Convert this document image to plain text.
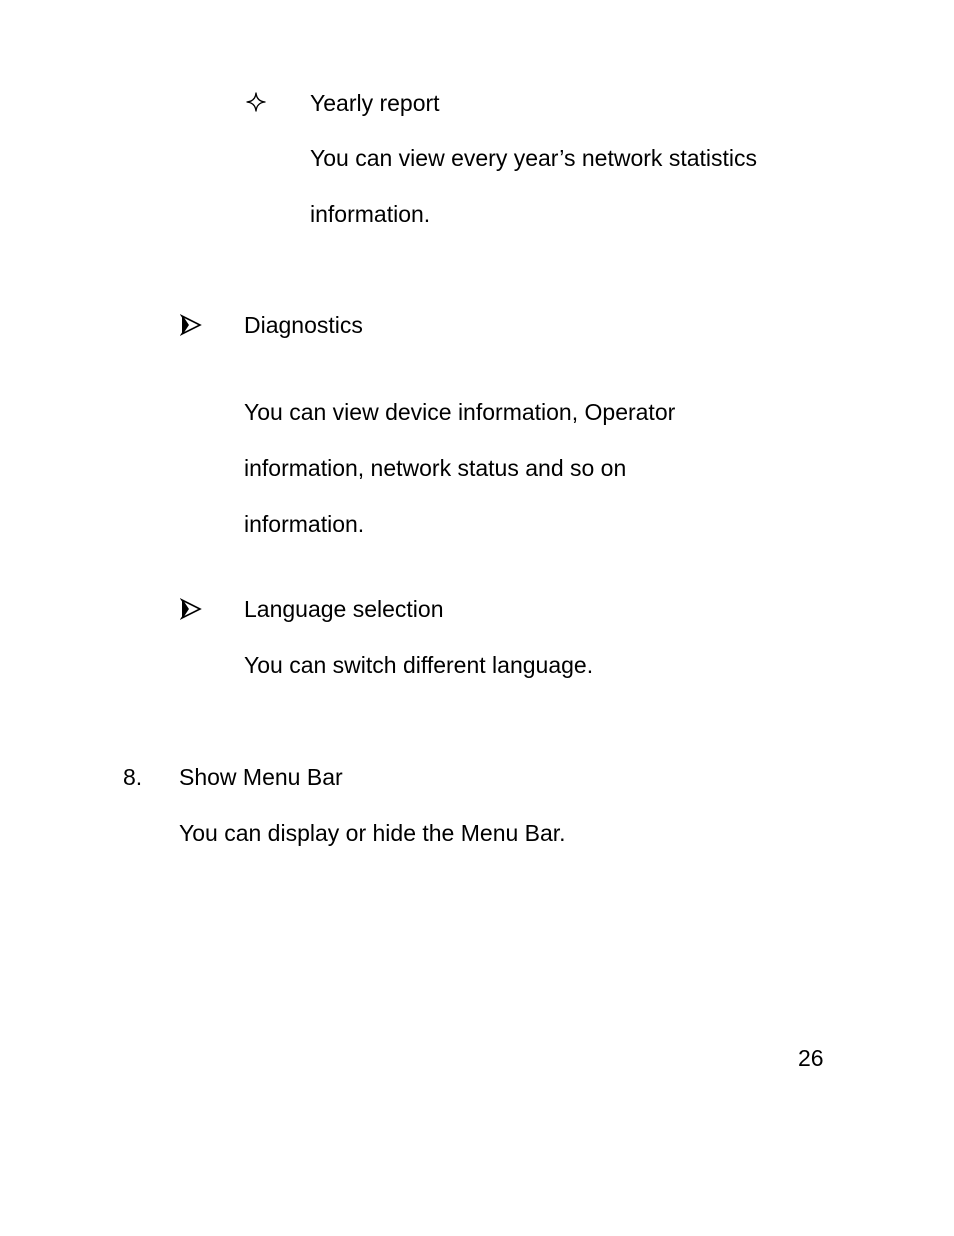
Yearly report

You can view every year’s network statistics

information.

Diagnostics

You can view device information, Operator

information, network status and so on

information.

Language selection

You can switch different language.

8. Show Menu Bar

You can display or hide the Menu Bar.

26
